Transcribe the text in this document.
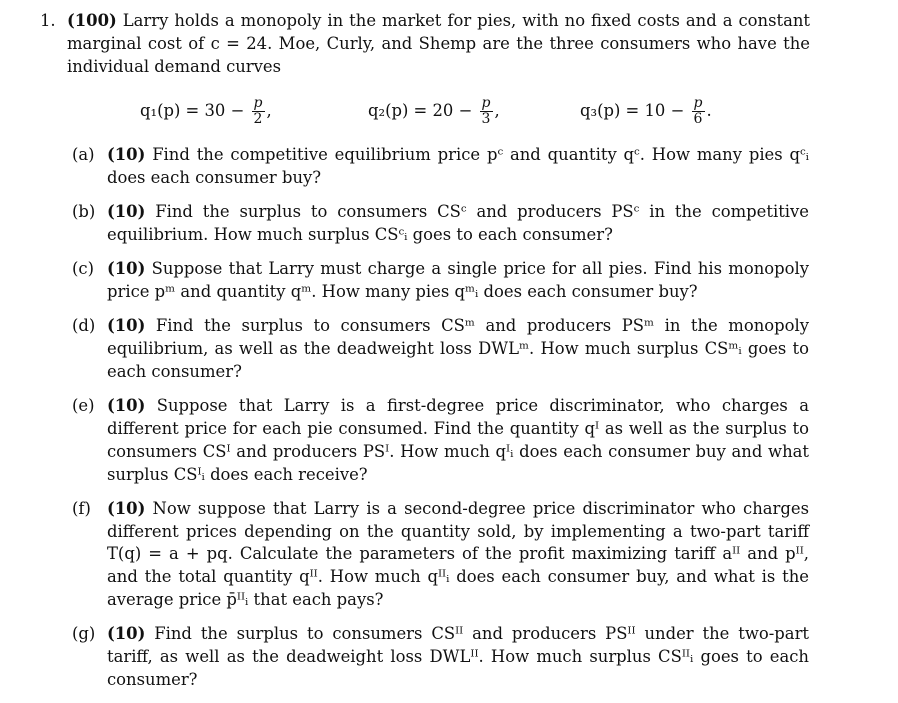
1. (100) Larry holds a monopoly in the market for pies, with no fixed costs and a constant marginal cost of c = 24. Moe, Curly, and Shemp are the three consumers who have the individual demand curves
$q_1(p) = 30 - \frac{p}{2}$ ,	$q_2(p) = 20 - \frac{p}{3}$ ,	$q_3(p) = 10 - \frac{p}{6}$ .
(a) (10) Find the competitive equilibrium price pᶜ and quantity qᶜ. How many pies qᶜᵢ does each consumer buy?
(b) (10) Find the surplus to consumers CSᶜ and producers PSᶜ in the competitive equilibrium. How much surplus CSᶜᵢ goes to each consumer?
(c) (10) Suppose that Larry must charge a single price for all pies. Find his monopoly price pᵐ and quantity qᵐ. How many pies qᵐᵢ does each consumer buy?
(d) (10) Find the surplus to consumers CSᵐ and producers PSᵐ in the monopoly equilibrium, as well as the deadweight loss DWLᵐ. How much surplus CSᵐᵢ goes to each consumer?
(e) (10) Suppose that Larry is a first-degree price discriminator, who charges a different price for each pie consumed. Find the quantity qᴵ as well as the surplus to consumers CSᴵ and producers PSᴵ. How much qᴵᵢ does each consumer buy and what surplus CSᴵᵢ does each receive?
(f) (10) Now suppose that Larry is a second-degree price discriminator who charges different prices depending on the quantity sold, by implementing a two-part tariff T(q) = a + pq. Calculate the parameters of the profit maximizing tariff aᴵᴵ and pᴵᴵ, and the total quantity qᴵᴵ. How much qᴵᴵᵢ does each consumer buy, and what is the average price p̄ᴵᴵᵢ that each pays?
(g) (10) Find the surplus to consumers CSᴵᴵ and producers PSᴵᴵ under the two-part tariff, as well as the deadweight loss DWLᴵᴵ. How much surplus CSᴵᴵᵢ goes to each consumer?
